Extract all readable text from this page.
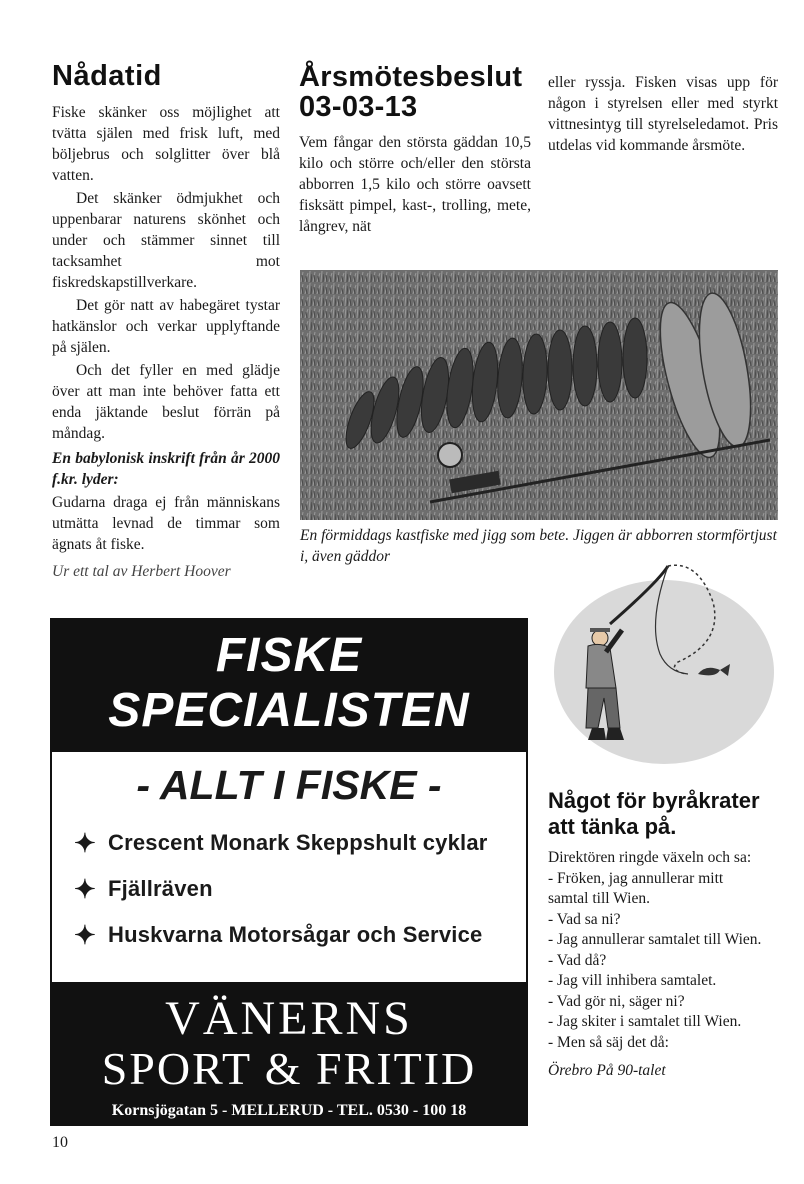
Nådatid

Fiske skänker oss möjlighet att tvätta själen med frisk luft, med böljebrus och solglitter över blå vatten.

Det skänker ödmjukhet och uppenbarar naturens skönhet och under och stämmer sinnet till tacksamhet mot fiskredskapstillverkare.

Det gör natt av habegäret tystar hatkänslor och verkar upplyftande på själen.

Och det fyller en med glädje över att man inte behöver fatta ett enda jäktande beslut förrän på måndag.

En babylonisk inskrift från år 2000 f.kr. lyder:

Gudarna draga ej från människans utmätta levnad de timmar som ägnats åt fiske.

Ur ett tal av Herbert Hoover

Årsmötesbeslut 03-03-13

Vem fångar den största gäddan 10,5 kilo och större och/eller den största abborren 1,5 kilo och större oavsett fisksätt pimpel, kast-, trolling, mete, långrev, nät

eller ryssja. Fisken visas upp för någon i styrelsen eller med styrkt vittnesintyg till styrelseledamot. Pris utdelas vid kommande årsmöte.

En förmiddags kastfiske med jigg som bete. Jiggen är abborren stormförtjust i, även gäddor
FISKE
SPECIALISTEN
- ALLT I FISKE -
✦ Crescent Monark Skeppshult cyklar
✦ Fjällräven
✦ Huskvarna Motorsågar och Service
VÄNERNS
SPORT & FRITID
Kornsjögatan 5 - MELLERUD - TEL. 0530 - 100 18
Något för byråkrater att tänka på.

Direktören ringde växeln och sa:

- Fröken, jag annullerar mitt samtal till Wien.

- Vad sa ni?

- Jag annullerar samtalet till Wien.

- Vad då?

- Jag vill inhibera samtalet.

- Vad gör ni, säger ni?

- Jag skiter i samtalet till Wien.

- Men så säj det då:

Örebro På 90-talet

10
